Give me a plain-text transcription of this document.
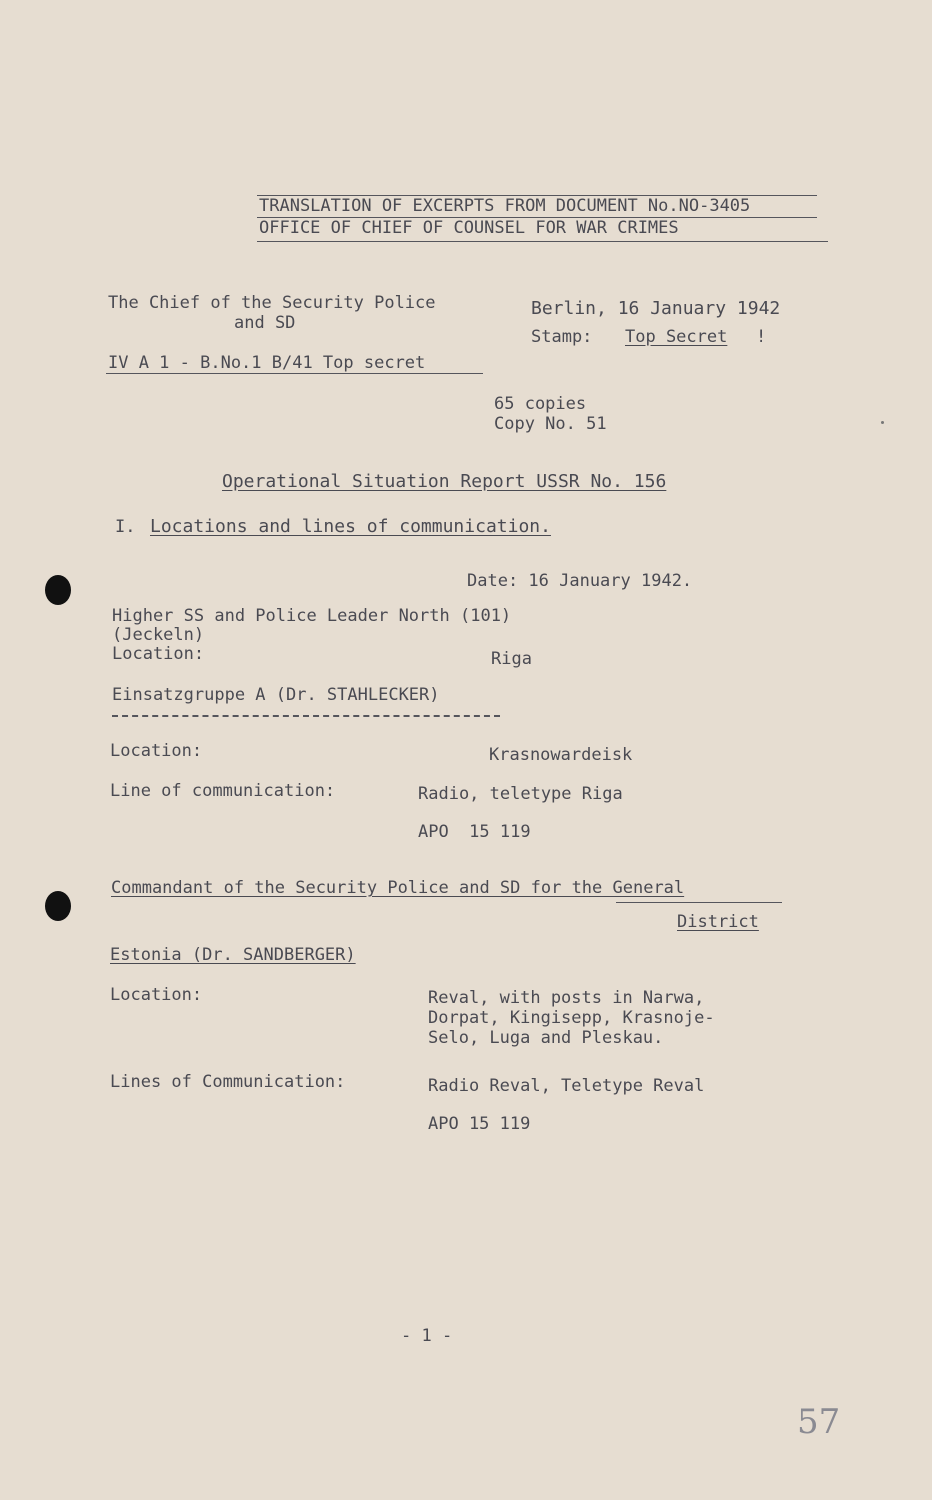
TRANSLATION OF EXCERPTS FROM DOCUMENT No.NO-3405
OFFICE OF CHIEF OF COUNSEL FOR WAR CRIMES
The Chief of the Security Police
and SD
IV A 1 - B.No.1 B/41 Top secret
Berlin, 16 January 1942
Stamp: Top Secret !
65 copies
Copy No. 51
Operational Situation Report USSR No. 156
I. Locations and lines of communication.
Date: 16 January 1942.
Higher SS and Police Leader North (101)
(Jeckeln)
Location:	Riga
Einsatzgruppe A (Dr. STAHLECKER)
Location:	Krasnowardeisk
Line of communication:	Radio, teletype Riga
APO  15 119
Commandant of the Security Police and SD for the General
District
Estonia (Dr. SANDBERGER)
Location:	Reval, with posts in Narwa,
Dorpat, Kingisepp, Krasnoje-
Selo, Luga and Pleskau.
Lines of Communication:	Radio Reval, Teletype Reval
APO 15 119
- 1 -
57
